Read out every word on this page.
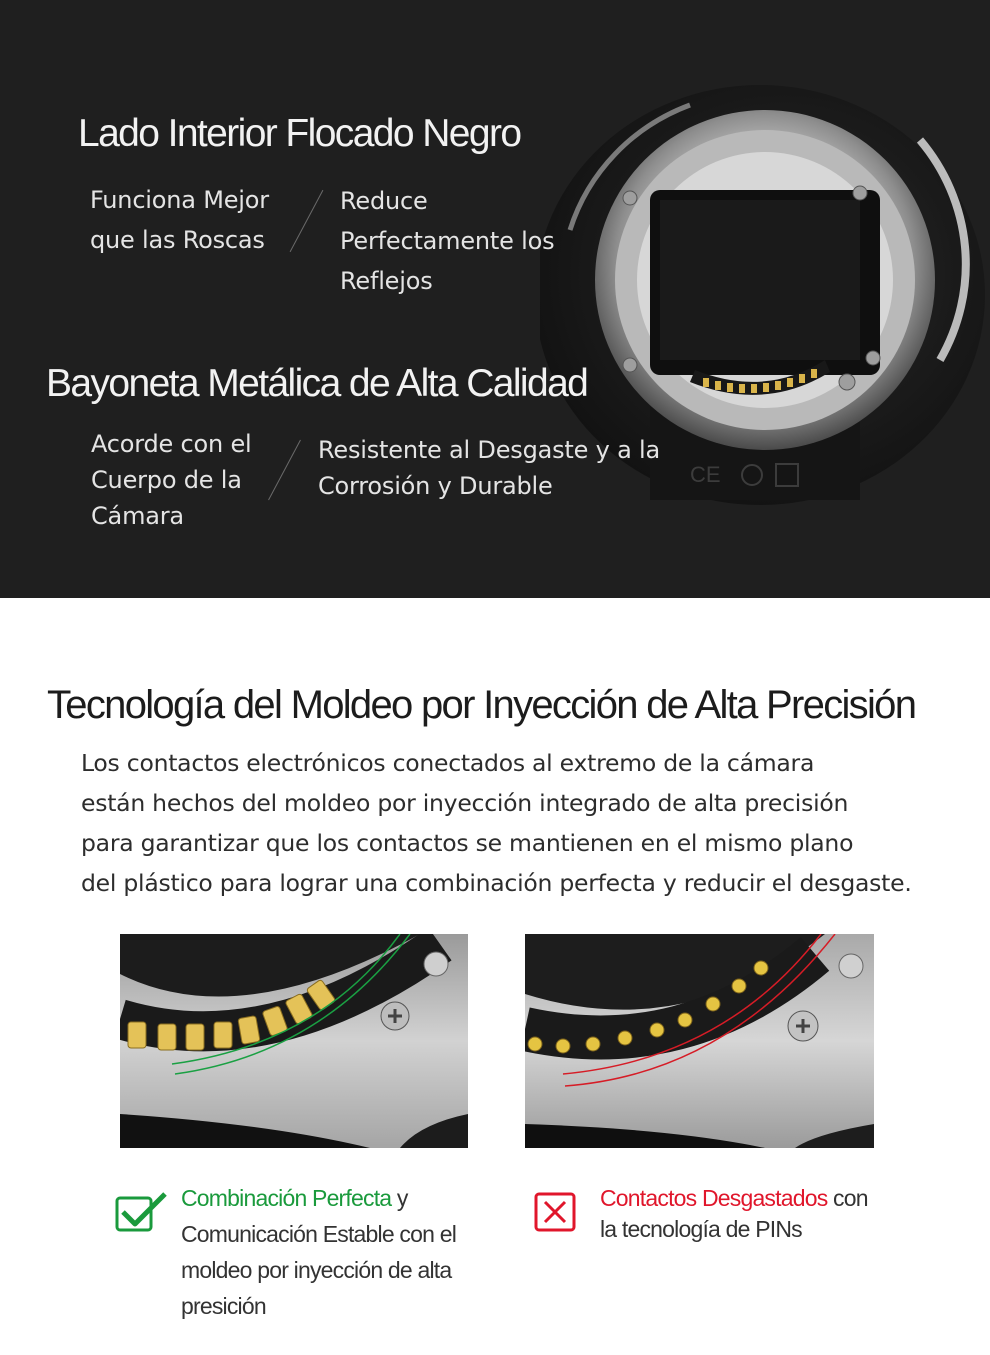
CE
Lado Interior Flocado Negro
Funciona Mejor
que las Roscas
Reduce
Perfectamente los
Reflejos
Bayoneta Metálica de Alta Calidad
Acorde con el
Cuerpo de la
Cámara
Resistente al Desgaste y a la
Corrosión y Durable
Tecnología del Moldeo por Inyección de Alta Precisión
Los contactos electrónicos conectados al extremo de la cámara
están hechos del moldeo por inyección integrado de alta precisión
para garantizar que los contactos se mantienen en el mismo plano
del plástico para lograr una combinación perfecta y reducir el desgaste.
Combinación Perfecta y
Comunicación Estable con el
moldeo por inyección de alta
presición
Contactos Desgastados con
la tecnología de PINs
